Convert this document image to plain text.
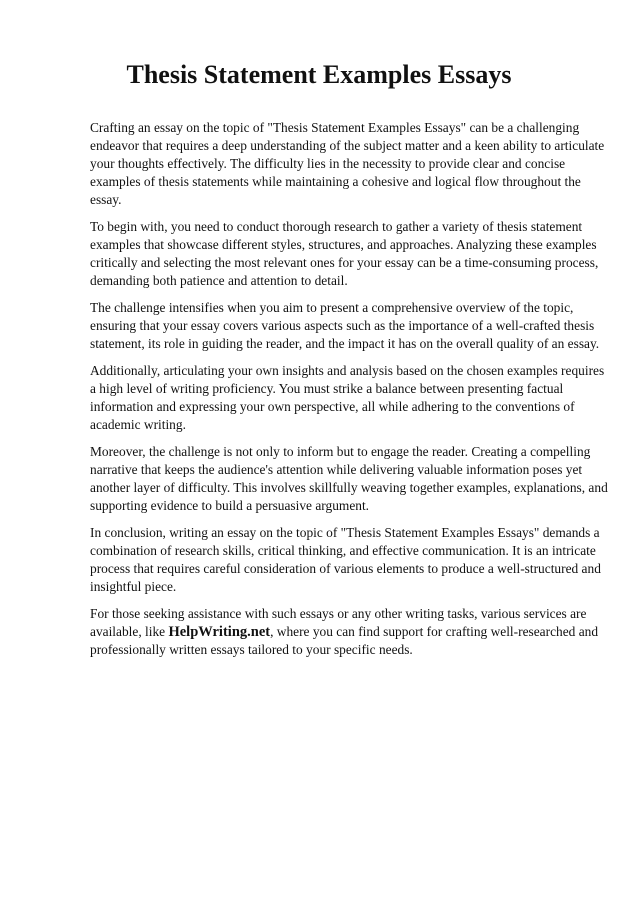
Thesis Statement Examples Essays

Crafting an essay on the topic of "Thesis Statement Examples Essays" can be a challenging
endeavor that requires a deep understanding of the subject matter and a keen ability to articulate
your thoughts effectively. The difficulty lies in the necessity to provide clear and concise
examples of thesis statements while maintaining a cohesive and logical flow throughout the
essay.

To begin with, you need to conduct thorough research to gather a variety of thesis statement
examples that showcase different styles, structures, and approaches. Analyzing these examples
critically and selecting the most relevant ones for your essay can be a time-consuming process,
demanding both patience and attention to detail.

The challenge intensifies when you aim to present a comprehensive overview of the topic,
ensuring that your essay covers various aspects such as the importance of a well-crafted thesis
statement, its role in guiding the reader, and the impact it has on the overall quality of an essay.

Additionally, articulating your own insights and analysis based on the chosen examples requires
a high level of writing proficiency. You must strike a balance between presenting factual
information and expressing your own perspective, all while adhering to the conventions of
academic writing.

Moreover, the challenge is not only to inform but to engage the reader. Creating a compelling
narrative that keeps the audience's attention while delivering valuable information poses yet
another layer of difficulty. This involves skillfully weaving together examples, explanations, and
supporting evidence to build a persuasive argument.

In conclusion, writing an essay on the topic of "Thesis Statement Examples Essays" demands a
combination of research skills, critical thinking, and effective communication. It is an intricate
process that requires careful consideration of various elements to produce a well-structured and
insightful piece.

For those seeking assistance with such essays or any other writing tasks, various services are
available, like HelpWriting.net, where you can find support for crafting well-researched and
professionally written essays tailored to your specific needs.
